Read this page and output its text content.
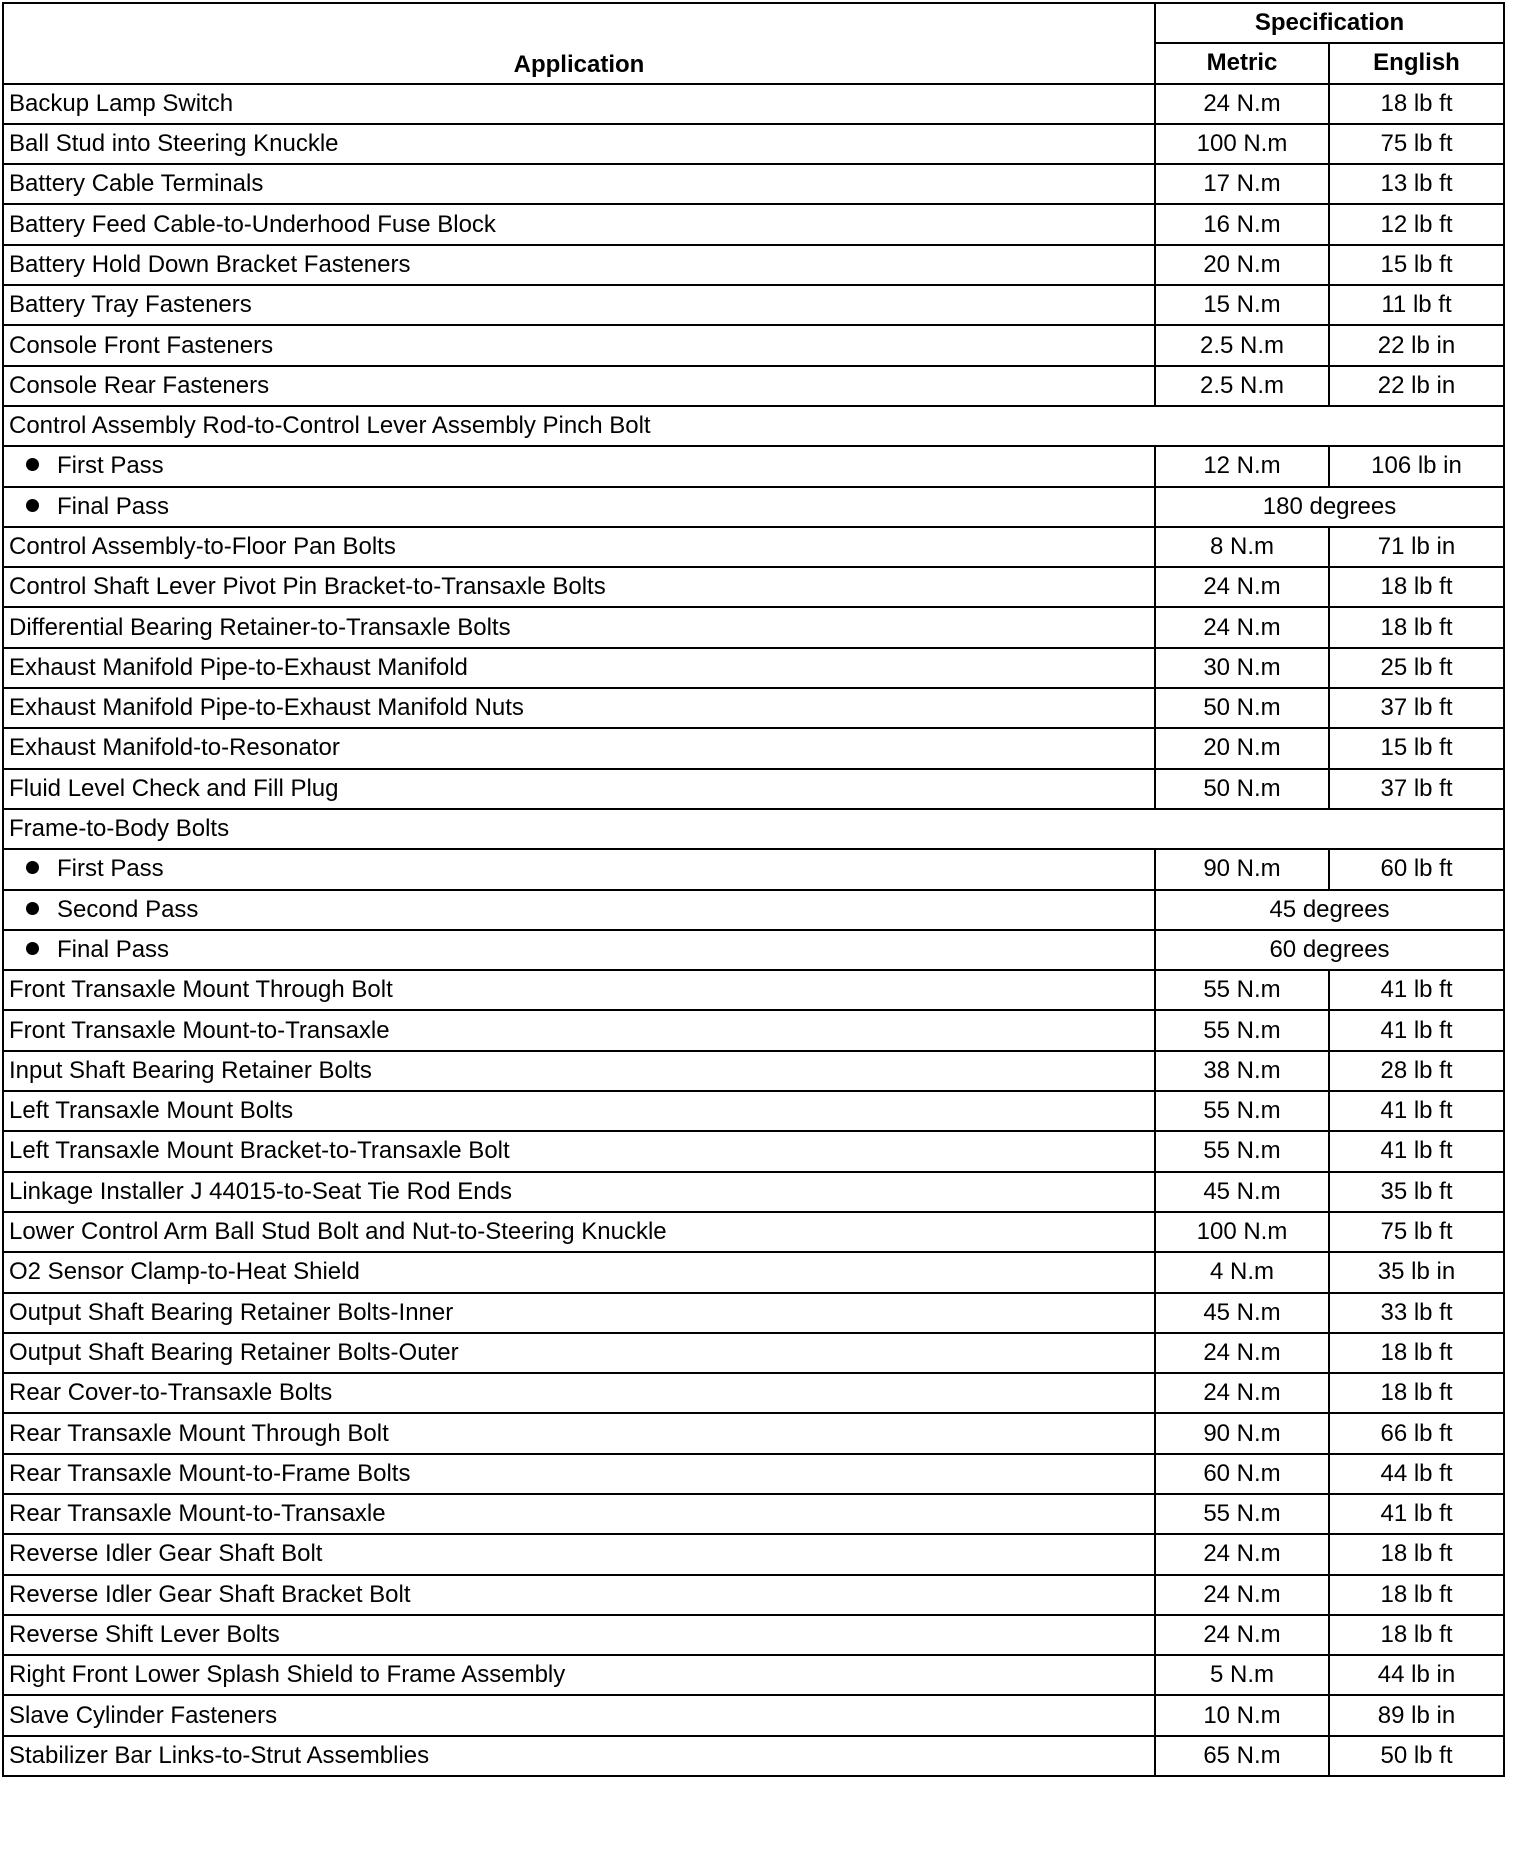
Application	Specification	
	Metric	English
Backup Lamp Switch	24 N.m	18 lb ft
Ball Stud into Steering Knuckle	100 N.m	75 lb ft
Battery Cable Terminals	17 N.m	13 lb ft
Battery Feed Cable-to-Underhood Fuse Block	16 N.m	12 lb ft
Battery Hold Down Bracket Fasteners	20 N.m	15 lb ft
Battery Tray Fasteners	15 N.m	11 lb ft
Console Front Fasteners	2.5 N.m	22 lb in
Console Rear Fasteners	2.5 N.m	22 lb in
Control Assembly Rod-to-Control Lever Assembly Pinch Bolt		
First Pass	12 N.m	106 lb in
Final Pass	180 degrees	
Control Assembly-to-Floor Pan Bolts	8 N.m	71 lb in
Control Shaft Lever Pivot Pin Bracket-to-Transaxle Bolts	24 N.m	18 lb ft
Differential Bearing Retainer-to-Transaxle Bolts	24 N.m	18 lb ft
Exhaust Manifold Pipe-to-Exhaust Manifold	30 N.m	25 lb ft
Exhaust Manifold Pipe-to-Exhaust Manifold Nuts	50 N.m	37 lb ft
Exhaust Manifold-to-Resonator	20 N.m	15 lb ft
Fluid Level Check and Fill Plug	50 N.m	37 lb ft
Frame-to-Body Bolts		
First Pass	90 N.m	60 lb ft
Second Pass	45 degrees	
Final Pass	60 degrees	
Front Transaxle Mount Through Bolt	55 N.m	41 lb ft
Front Transaxle Mount-to-Transaxle	55 N.m	41 lb ft
Input Shaft Bearing Retainer Bolts	38 N.m	28 lb ft
Left Transaxle Mount Bolts	55 N.m	41 lb ft
Left Transaxle Mount Bracket-to-Transaxle Bolt	55 N.m	41 lb ft
Linkage Installer J 44015-to-Seat Tie Rod Ends	45 N.m	35 lb ft
Lower Control Arm Ball Stud Bolt and Nut-to-Steering Knuckle	100 N.m	75 lb ft
O2 Sensor Clamp-to-Heat Shield	4 N.m	35 lb in
Output Shaft Bearing Retainer Bolts-Inner	45 N.m	33 lb ft
Output Shaft Bearing Retainer Bolts-Outer	24 N.m	18 lb ft
Rear Cover-to-Transaxle Bolts	24 N.m	18 lb ft
Rear Transaxle Mount Through Bolt	90 N.m	66 lb ft
Rear Transaxle Mount-to-Frame Bolts	60 N.m	44 lb ft
Rear Transaxle Mount-to-Transaxle	55 N.m	41 lb ft
Reverse Idler Gear Shaft Bolt	24 N.m	18 lb ft
Reverse Idler Gear Shaft Bracket Bolt	24 N.m	18 lb ft
Reverse Shift Lever Bolts	24 N.m	18 lb ft
Right Front Lower Splash Shield to Frame Assembly	5 N.m	44 lb in
Slave Cylinder Fasteners	10 N.m	89 lb in
Stabilizer Bar Links-to-Strut Assemblies	65 N.m	50 lb ft
